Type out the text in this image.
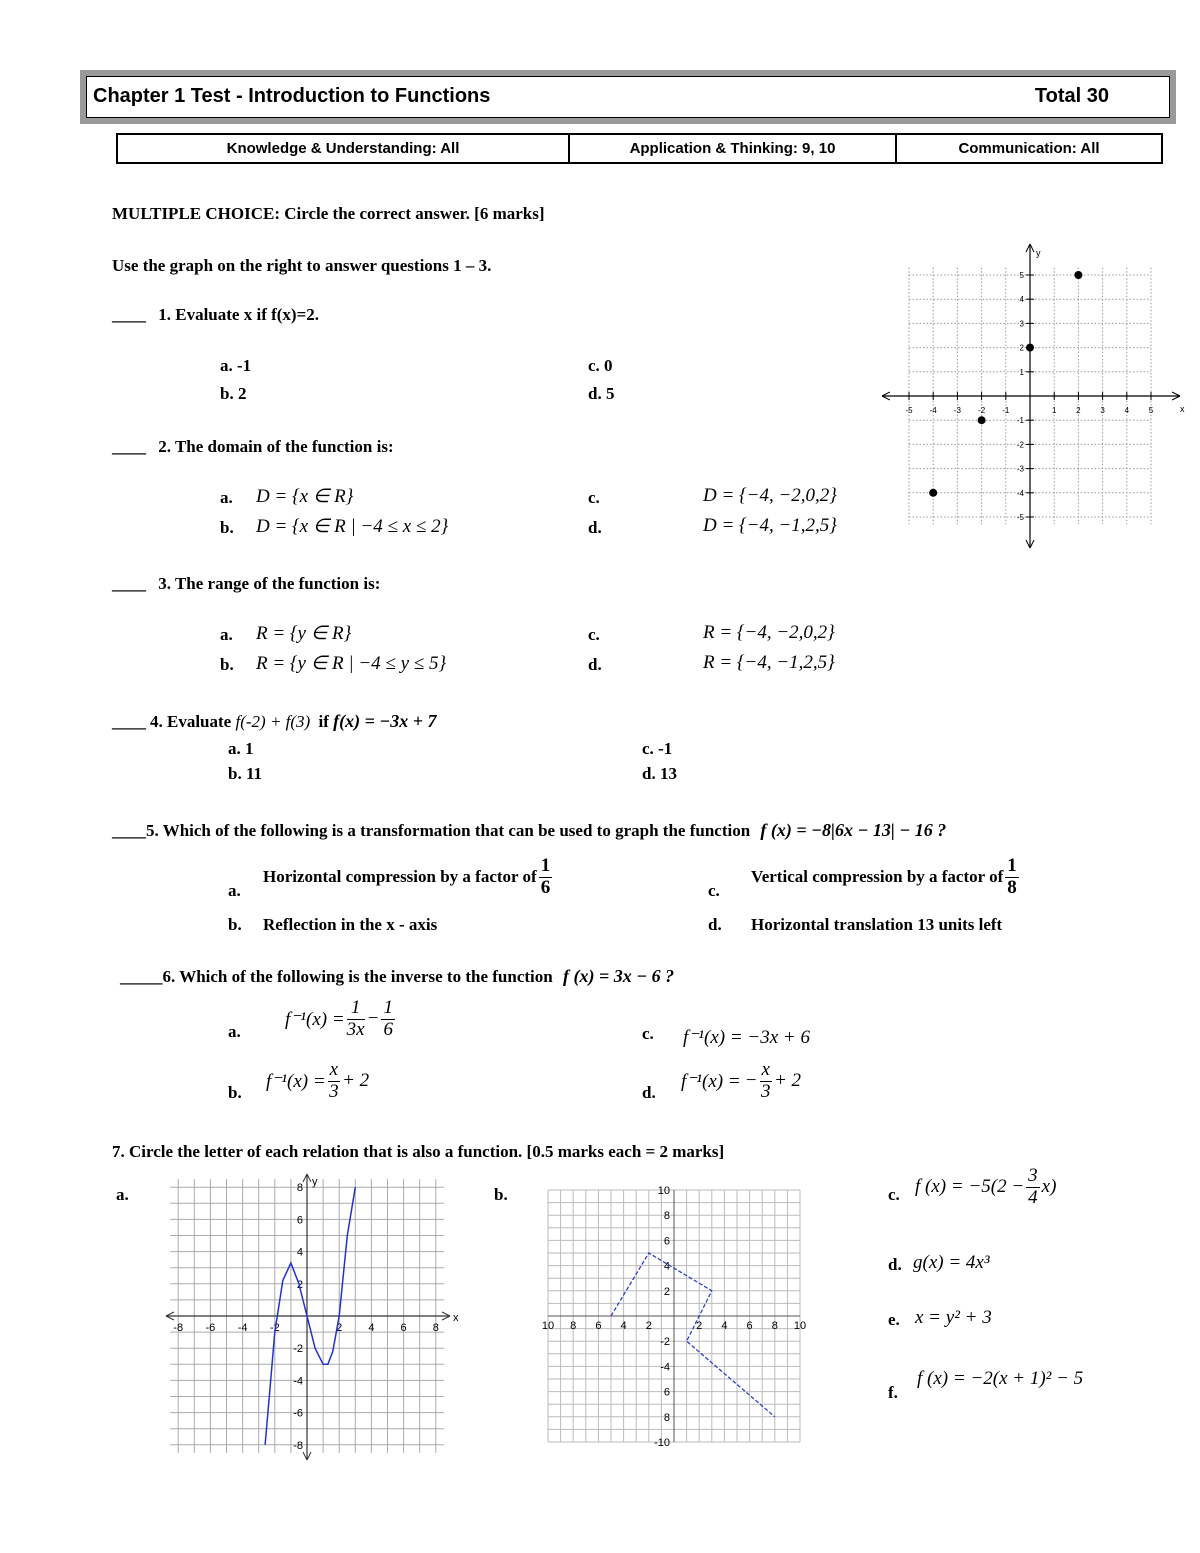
Chapter 1 Test - Introduction to Functions	Total 30
Knowledge & Understanding: All	Application & Thinking: 9, 10	Communication: All
MULTIPLE CHOICE: Circle the correct answer. [6 marks]
Use the graph on the right to answer questions 1 – 3.
____ 1. Evaluate x if f(x)=2.
a. -1
b. 2
c. 0
d. 5
____ 2. The domain of the function is:
a. D = {x ∈ R}
b. D = {x ∈ R | −4 ≤ x ≤ 2}
c.	D = {−4, −2,0,2}
d.	D = {−4, −1,2,5}
____ 3. The range of the function is:
a. R = {y ∈ R}
b. R = {y ∈ R | −4 ≤ y ≤ 5}
c.	R = {−4, −2,0,2}
d.	R = {−4, −1,2,5}
____ 4. Evaluate f(-2) + f(3) if f(x) = −3x + 7
a. 1
b. 11
c. -1
d. 13
____5. Which of the following is a transformation that can be used to graph the function f (x) = −8|6x − 13| − 16 ?
a.
Horizontal compression by a factor of $\frac{1}{6}$
b. Reflection in the x - axis
c.
Vertical compression by a factor of $\frac{1}{8}$
d. Horizontal translation 13 units left
_____6. Which of the following is the inverse to the function f (x) = 3x − 6 ?
a.
$f^{-1}(x) = \frac{1}{3x} - \frac{1}{6}$
b.
$f^{-1}(x) = \frac{x}{3} + 2$
c. f⁻¹(x) = −3x + 6
d.
f⁻¹(x) = − $\frac{x}{3} + 2$
7. Circle the letter of each relation that is also a function. [0.5 marks each = 2 marks]
a.	b.	c. f $(x) = -5(2 - \frac{3}{4} x)$
d. g(x) = 4x³
e. x = y² + 3
f.
f (x) = −2(x + 1)² − 5
-5
-5
-4
-4
-3
-3
-2
-2
-1
-1
1
1
2
2
3
3
4
4
5
5
x
y
-8 -6 -4 -2	2 4 6 8
8
6
4
2
-2
-4
-6
-8
x
y
10 8 6 4 2	2 4 6 8 10
10
8
6
4
2
-2
-4
6
8
-10
